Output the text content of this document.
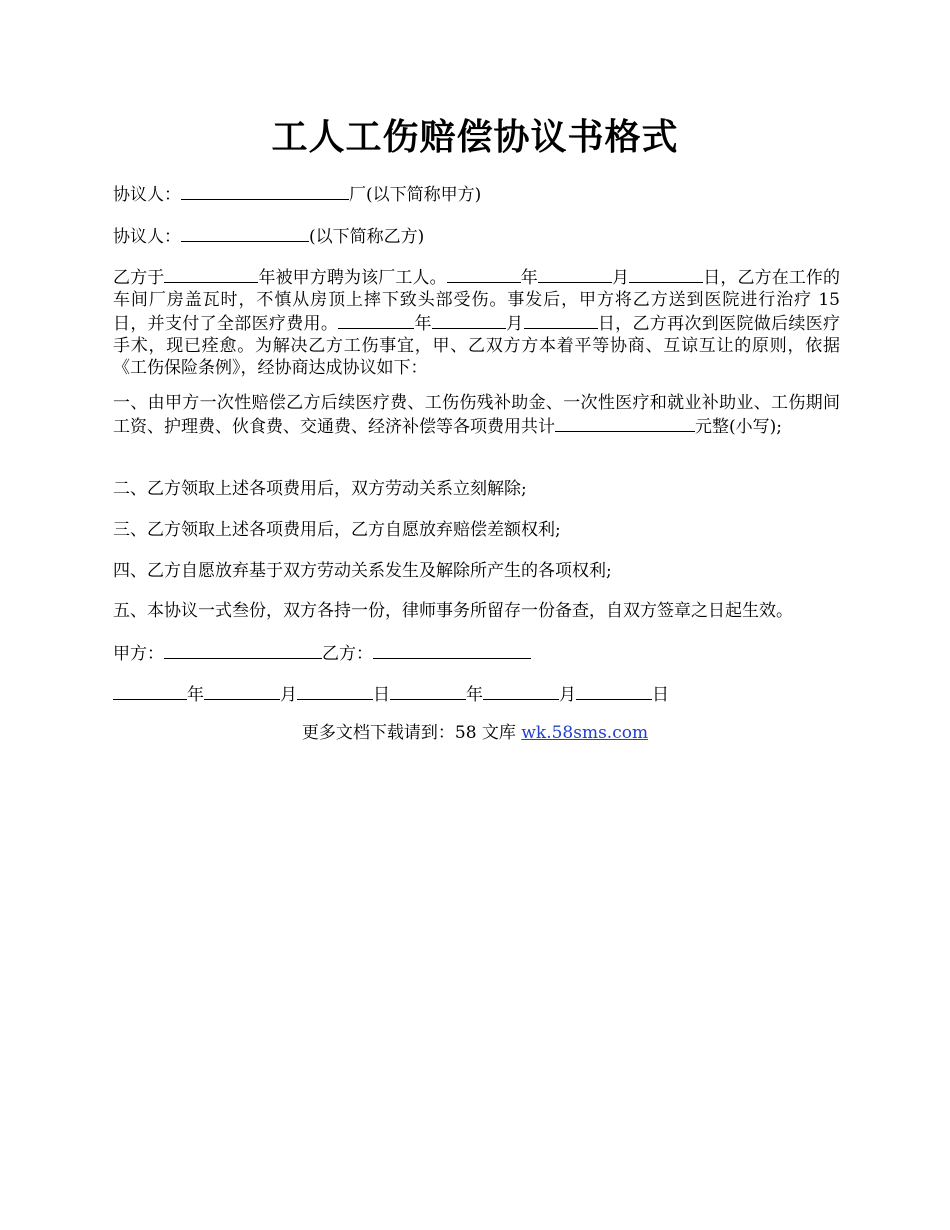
工人工伤赔偿协议书格式
协议人：	厂(以下简称甲方)
协议人：	(以下简称乙方)
乙方于	年被甲方聘为该厂工人。	年	月	日，乙方在工作的车间厂房盖瓦时，不慎从房顶上摔下致头部受伤。事发后，甲方将乙方送到医院进行治疗 15 日，并支付了全部医疗费用。	年	月	日，乙方再次到医院做后续医疗手术，现已痊愈。为解决乙方工伤事宜，甲、乙双方方本着平等协商、互谅互让的原则，依据《工伤保险条例》，经协商达成协议如下：
一、由甲方一次性赔偿乙方后续医疗费、工伤伤残补助金、一次性医疗和就业补助业、工伤期间工资、护理费、伙食费、交通费、经济补偿等各项费用共计	元整(小写);
二、乙方领取上述各项费用后，双方劳动关系立刻解除;
三、乙方领取上述各项费用后，乙方自愿放弃赔偿差额权利;
四、乙方自愿放弃基于双方劳动关系发生及解除所产生的各项权利;
五、本协议一式叁份，双方各持一份，律师事务所留存一份备查，自双方签章之日起生效。
甲方：	乙方：
年	月	日	年	月	日
更多文档下载请到：58 文库 wk.58sms.com
